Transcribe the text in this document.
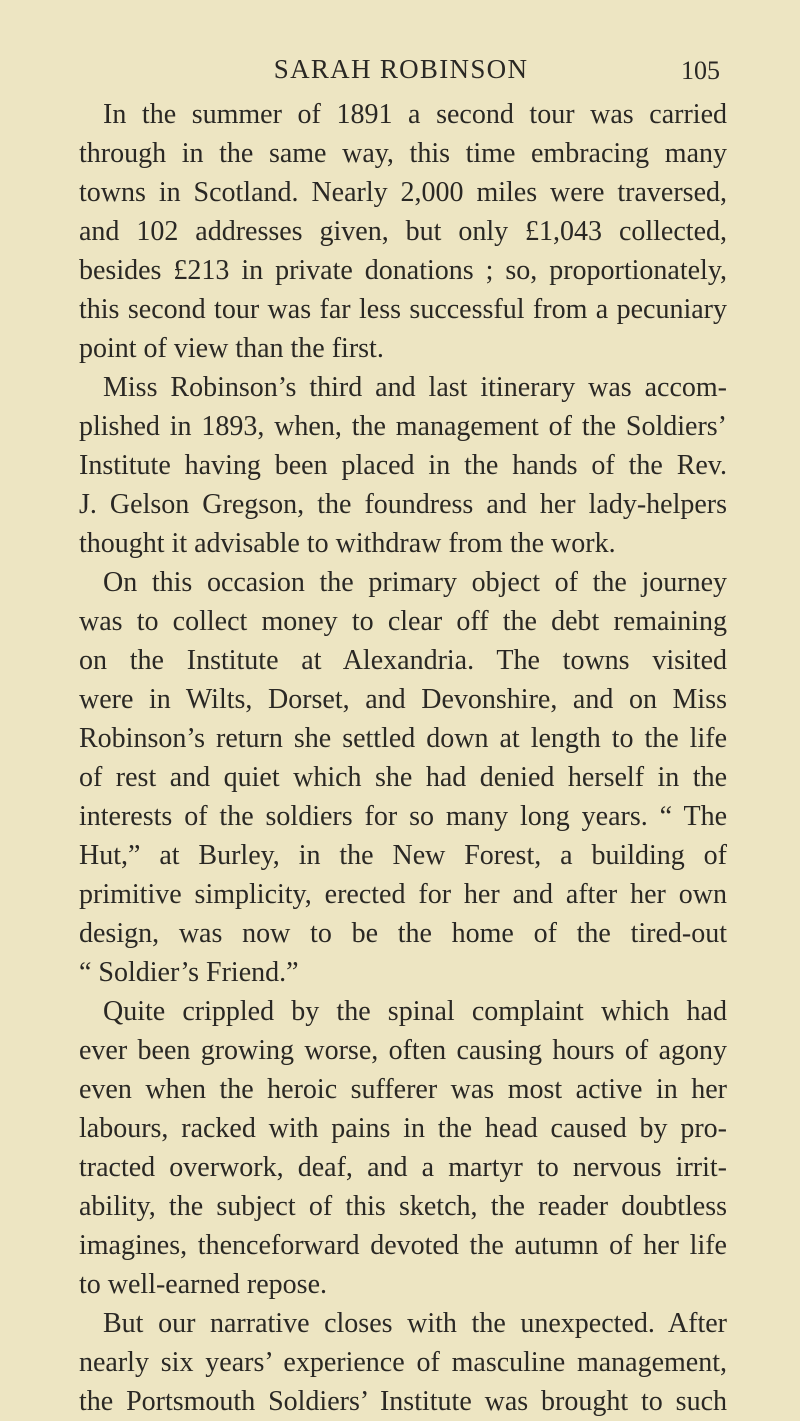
SARAH ROBINSON	105
In the summer of 1891 a second tour was carried
through in the same way, this time embracing many
towns in Scotland. Nearly 2,000 miles were traversed,
and 102 addresses given, but only £1,043 collected,
besides £213 in private donations ; so, proportionately,
this second tour was far less successful from a pecuniary
point of view than the first.
Miss Robinson’s third and last itinerary was accom-
plished in 1893, when, the management of the Soldiers’
Institute having been placed in the hands of the Rev.
J. Gelson Gregson, the foundress and her lady-helpers
thought it advisable to withdraw from the work.
On this occasion the primary object of the journey
was to collect money to clear off the debt remaining
on the Institute at Alexandria. The towns visited
were in Wilts, Dorset, and Devonshire, and on Miss
Robinson’s return she settled down at length to the life
of rest and quiet which she had denied herself in the
interests of the soldiers for so many long years. “ The
Hut,” at Burley, in the New Forest, a building of
primitive simplicity, erected for her and after her own
design, was now to be the home of the tired-out
“ Soldier’s Friend.”
Quite crippled by the spinal complaint which had
ever been growing worse, often causing hours of agony
even when the heroic sufferer was most active in her
labours, racked with pains in the head caused by pro-
tracted overwork, deaf, and a martyr to nervous irrit-
ability, the subject of this sketch, the reader doubtless
imagines, thenceforward devoted the autumn of her life
to well-earned repose.
But our narrative closes with the unexpected. After
nearly six years’ experience of masculine management,
the Portsmouth Soldiers’ Institute was brought to such
